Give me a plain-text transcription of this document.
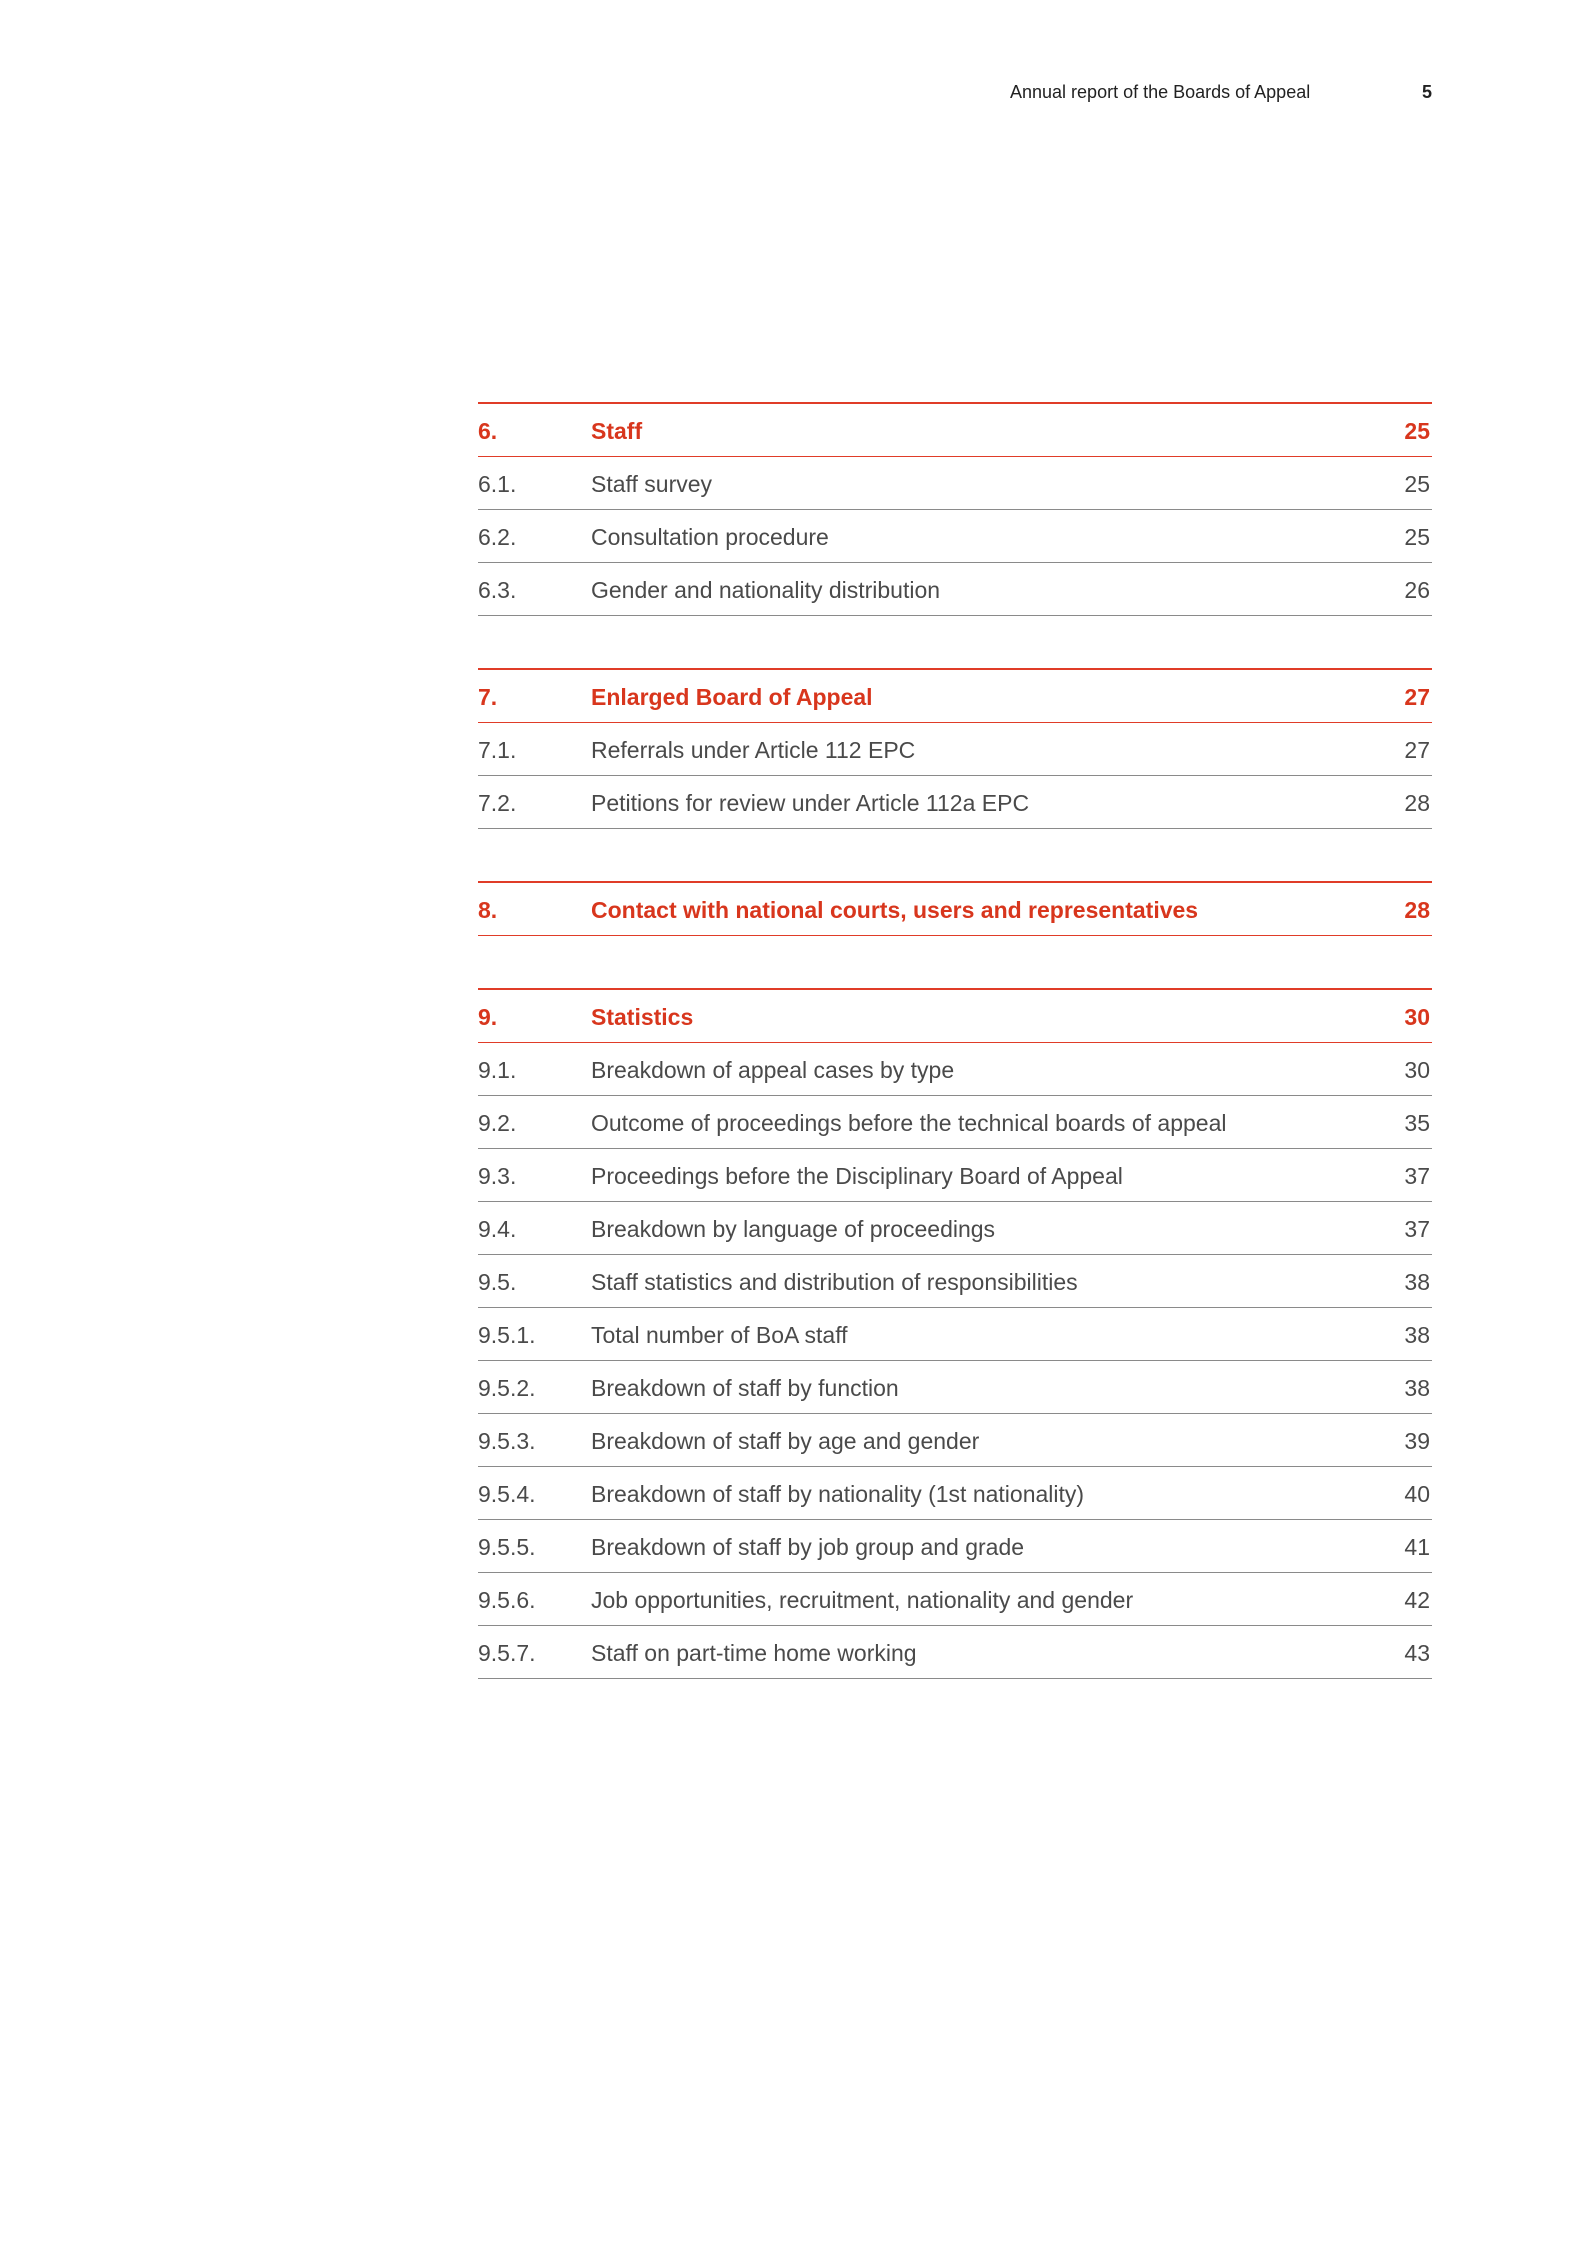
Annual report of the Boards of Appeal	5
6.	Staff	25
6.1.	Staff survey	25
6.2.	Consultation procedure	25
6.3.	Gender and nationality distribution	26
7.	Enlarged Board of Appeal	27
7.1.	Referrals under Article 112 EPC	27
7.2.	Petitions for review under Article 112a EPC	28
8.	Contact with national courts, users and representatives	28
9.	Statistics	30
9.1.	Breakdown of appeal cases by type	30
9.2.	Outcome of proceedings before the technical boards of appeal	35
9.3.	Proceedings before the Disciplinary Board of Appeal	37
9.4.	Breakdown by language of proceedings	37
9.5.	Staff statistics and distribution of responsibilities	38
9.5.1. Total number of BoA staff	38
9.5.2. Breakdown of staff by function	38
9.5.3. Breakdown of staff by age and gender	39
9.5.4. Breakdown of staff by nationality (1st nationality)	40
9.5.5. Breakdown of staff by job group and grade	41
9.5.6. Job opportunities, recruitment, nationality and gender	42
9.5.7. Staff on part-time home working	43
